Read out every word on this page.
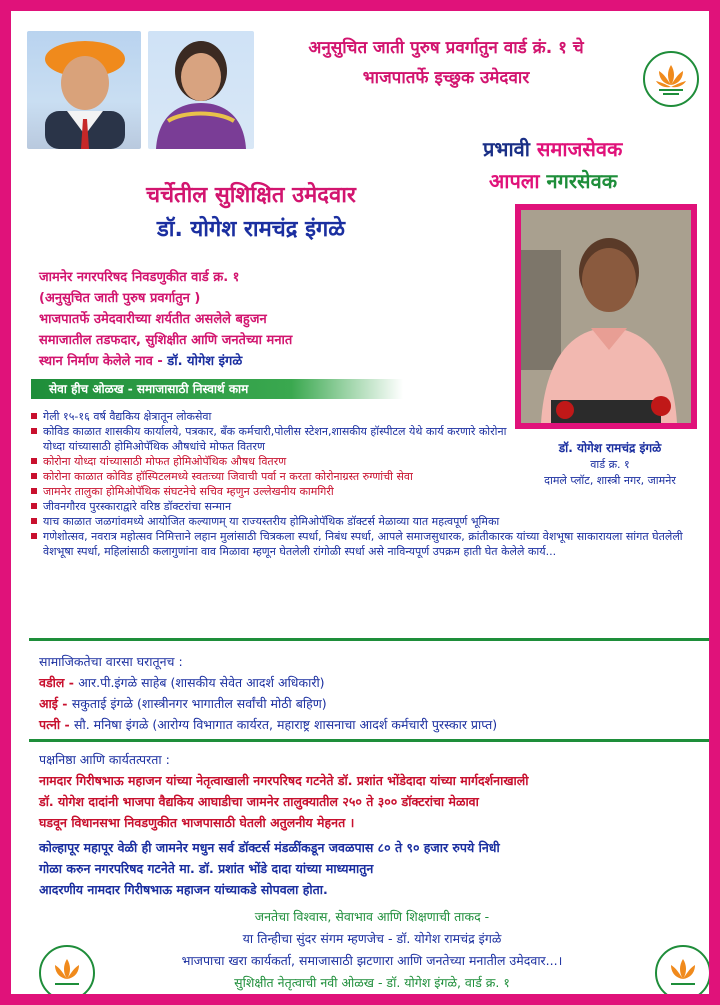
अनुसुचित जाती पुरुष प्रवर्गातुन वार्ड क्रं. १ चे
भाजपातर्फे इच्छुक उमेदवार
प्रभावी समाजसेवक
आपला नगरसेवक
चर्चेतील सुशिक्षित उमेदवार
डॉ. योगेश रामचंद्र इंगळे
जामनेर नगरपरिषद निवडणुकीत वार्ड क्र. १
(अनुसुचित जाती पुरुष प्रवर्गातुन )
भाजपातर्फे उमेदवारीच्या शर्यतीत असलेले बहुजन
समाजातील तडफदार, सुशिक्षीत आणि जनतेच्या मनात
स्थान निर्माण केलेले नाव - डॉ. योगेश इंगळे
डॉ. योगेश रामचंद्र इंगळे
वार्ड क्र. १
दामले प्लॉट, शास्त्री नगर, जामनेर
सेवा हीच ओळख - समाजासाठी निस्वार्थ काम
गेली १५-१६ वर्ष वैद्यकिय क्षेत्रातून लोकसेवा
कोविड काळात शासकीय कार्यालये, पत्रकार, बँक कर्मचारी,पोलीस स्टेशन,शासकीय हॉस्पीटल येथे कार्य करणारे कोरोना योध्दा यांच्यासाठी होमिओपॅथिक औषधांचे मोफत वितरण
कोरोना योध्दा यांच्यासाठी मोफत होमिओपॅथिक औषध वितरण
कोरोना काळात कोविड हॉस्पिटलमध्ये स्वतःच्या जिवाची पर्वा न करता कोरोनाग्रस्त रुग्णांची सेवा
जामनेर तालुका होमिओपॅथिक संघटनेचे सचिव म्हणुन उल्लेखनीय कामगिरी
जीवनगौरव पुरस्काराद्वारे वरिष्ठ डॉक्टरांचा सन्मान
याच काळात जळगांवमध्ये आयोजित कल्याणम् या राज्यस्तरीय होमिओपॅथिक डॉक्टर्स मेळाव्या यात महत्वपूर्ण भूमिका
गणेशोत्सव, नवरात्र महोत्सव निमित्ताने लहान मुलांसाठी चित्रकला स्पर्धा, निबंध स्पर्धा, आपले समाजसुधारक, क्रांतीकारक यांच्या वेशभूषा साकारायला सांगत घेतलेली वेशभूषा स्पर्धा, महिलांसाठी कलागुणांना वाव मिळावा म्हणून घेतलेली रांगोळी स्पर्धा असे नाविन्यपूर्ण उपक्रम हाती घेत केलेले कार्य...
सामाजिकतेचा वारसा घरातूनच :
वडील - आर.पी.इंगळे साहेब (शासकीय सेवेत आदर्श अधिकारी)
आई - सकुताई इंगळे (शास्त्रीनगर भागातील सर्वांची मोठी बहिण)
पत्नी - सौ. मनिषा इंगळे (आरोग्य विभागात कार्यरत, महाराष्ट्र शासनाचा आदर्श कर्मचारी पुरस्कार प्राप्त)
पक्षनिष्ठा आणि कार्यतत्परता :
नामदार गिरीषभाऊ महाजन यांच्या नेतृत्वाखाली नगरपरिषद गटनेते डॉ. प्रशांत भोंडेदादा यांच्या मार्गदर्शनाखाली
डॉ. योगेश दादांनी भाजपा वैद्यकिय आघाडीचा जामनेर तालुक्यातील २५० ते ३०० डॉक्टरांचा मेळावा
घडवून विधानसभा निवडणुकीत भाजपासाठी घेतली अतुलनीय मेहनत ।
कोल्हापूर महापूर वेळी ही जामनेर मधुन सर्व डॉक्टर्स मंडळींकडून जवळपास ८० ते ९० हजार रुपये निधी
गोळा करुन नगरपरिषद गटनेते मा. डॉ. प्रशांत भोंडे दादा यांच्या माध्यमातुन
आदरणीय नामदार गिरीषभाऊ महाजन यांच्याकडे सोपवला होता.
जनतेचा विश्वास, सेवाभाव आणि शिक्षणाची ताकद -
या तिन्हीचा सुंदर संगम म्हणजेच - डॉ. योगेश रामचंद्र इंगळे
भाजपाचा खरा कार्यकर्ता, समाजासाठी झटणारा आणि जनतेच्या मनातील उमेदवार...।
सुशिक्षीत नेतृत्वाची नवी ओळख - डॉ. योगेश इंगळे, वार्ड क्र. १
